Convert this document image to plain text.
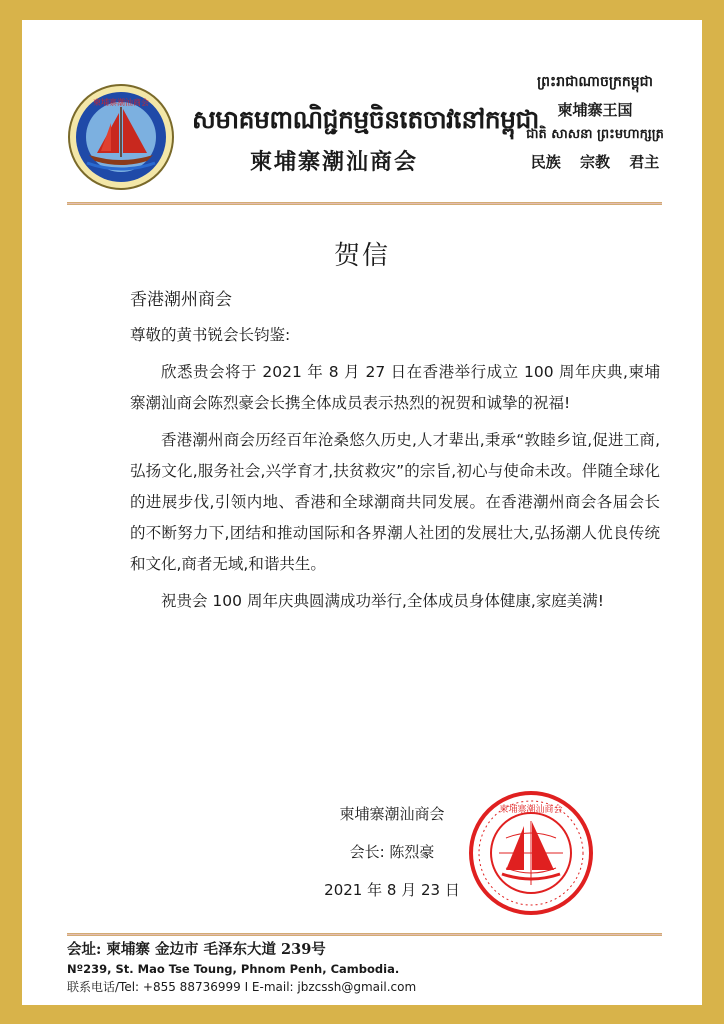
柬埔寨潮汕商会
សមាគមពាណិជ្ជកម្មចិនតេចាវនៅកម្ពុជា
柬埔寨潮汕商会
ព្រះរាជាណាចក្រកម្ពុជា
柬埔寨王国
ជាតិ សាសនា ព្រះមហាក្សត្រ
民族 宗教 君主
贺信

香港潮州商会

尊敬的黄书锐会长钧鉴:

欣悉贵会将于 2021 年 8 月 27 日在香港举行成立 100 周年庆典,柬埔寨潮汕商会陈烈豪会长携全体成员表示热烈的祝贺和诚挚的祝福!

香港潮州商会历经百年沧桑悠久历史,人才辈出,秉承“敦睦乡谊,促进工商,弘扬文化,服务社会,兴学育才,扶贫救灾”的宗旨,初心与使命未改。伴随全球化的进展步伐,引领内地、香港和全球潮商共同发展。在香港潮州商会各届会长的不断努力下,团结和推动国际和各界潮人社团的发展壮大,弘扬潮人优良传统和文化,商者无域,和谐共生。

祝贵会 100 周年庆典圆满成功举行,全体成员身体健康,家庭美满!

柬埔寨潮汕商会
会长: 陈烈豪
2021 年 8 月 23 日
柬埔寨潮汕商会
会址: 柬埔寨 金边市 毛泽东大道 239号
Nº239, St. Mao Tse Toung, Phnom Penh, Cambodia.
联系电话/Tel: +855 88736999 I E-mail: jbzcssh@gmail.com
